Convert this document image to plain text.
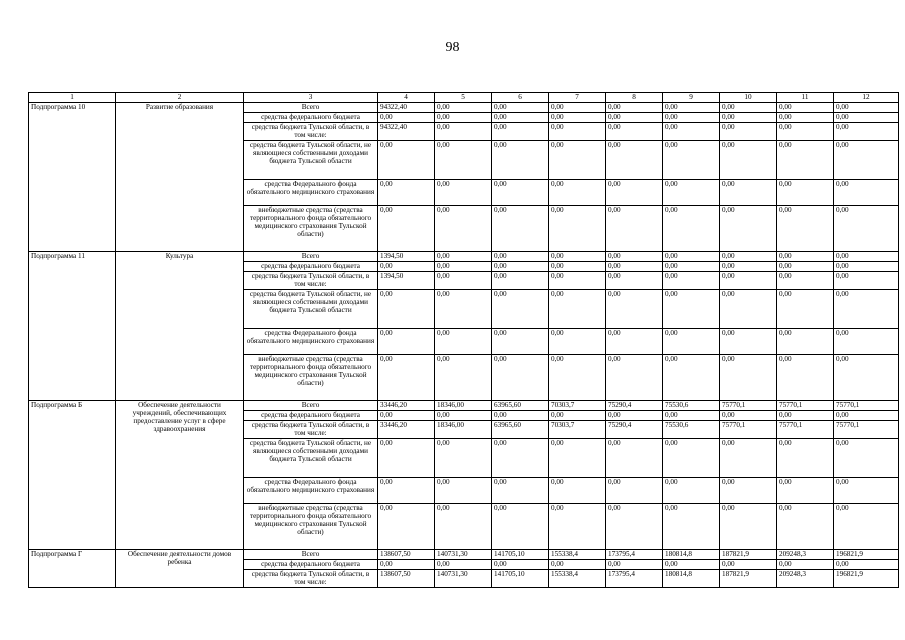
98
1	2	3	4	5	6	7	8	9	10	11	12
Подпрограмма 10	Развитие образования	Всего	94322,40	0,00	0,00	0,00	0,00	0,00	0,00	0,00	0,00
		средства федерального бюджета	0,00	0,00	0,00	0,00	0,00	0,00	0,00	0,00	0,00
		средства бюджета Тульской области, в том числе:	94322,40	0,00	0,00	0,00	0,00	0,00	0,00	0,00	0,00
		средства бюджета Тульской области, не являющиеся собственными доходами бюджета Тульской области	0,00	0,00	0,00	0,00	0,00	0,00	0,00	0,00	0,00
		средства Федерального фонда обязательного медицинского страхования	0,00	0,00	0,00	0,00	0,00	0,00	0,00	0,00	0,00
		внебюджетные средства (средства территориального фонда обязательного медицинского страхования Тульской области)	0,00	0,00	0,00	0,00	0,00	0,00	0,00	0,00	0,00
Подпрограмма 11	Культура	Всего	1394,50	0,00	0,00	0,00	0,00	0,00	0,00	0,00	0,00
		средства федерального бюджета	0,00	0,00	0,00	0,00	0,00	0,00	0,00	0,00	0,00
		средства бюджета Тульской области, в том числе:	1394,50	0,00	0,00	0,00	0,00	0,00	0,00	0,00	0,00
		средства бюджета Тульской области, не являющиеся собственными доходами бюджета Тульской области	0,00	0,00	0,00	0,00	0,00	0,00	0,00	0,00	0,00
		средства Федерального фонда обязательного медицинского страхования	0,00	0,00	0,00	0,00	0,00	0,00	0,00	0,00	0,00
		внебюджетные средства (средства территориального фонда обязательного медицинского страхования Тульской области)	0,00	0,00	0,00	0,00	0,00	0,00	0,00	0,00	0,00
Подпрограмма Б	Обеспечение деятельности учреждений, обеспечивающих предоставление услуг в сфере здравоохранения	Всего	33446,20	18346,00	63965,60	70303,7	75290,4	75530,6	75770,1	75770,1	75770,1
		средства федерального бюджета	0,00	0,00	0,00	0,00	0,00	0,00	0,00	0,00	0,00
		средства бюджета Тульской области, в том числе:	33446,20	18346,00	63965,60	70303,7	75290,4	75530,6	75770,1	75770,1	75770,1
		средства бюджета Тульской области, не являющиеся собственными доходами бюджета Тульской области	0,00	0,00	0,00	0,00	0,00	0,00	0,00	0,00	0,00
		средства Федерального фонда обязательного медицинского страхования	0,00	0,00	0,00	0,00	0,00	0,00	0,00	0,00	0,00
		внебюджетные средства (средства территориального фонда обязательного медицинского страхования Тульской области)	0,00	0,00	0,00	0,00	0,00	0,00	0,00	0,00	0,00
Подпрограмма Г	Обеспечение деятельности домов ребенка	Всего	138607,50	140731,30	141705,10	155338,4	173795,4	180814,8	187821,9	209248,3	196821,9
		средства федерального бюджета	0,00	0,00	0,00	0,00	0,00	0,00	0,00	0,00	0,00
		средства бюджета Тульской области, в том числе:	138607,50	140731,30	141705,10	155338,4	173795,4	180814,8	187821,9	209248,3	196821,9
